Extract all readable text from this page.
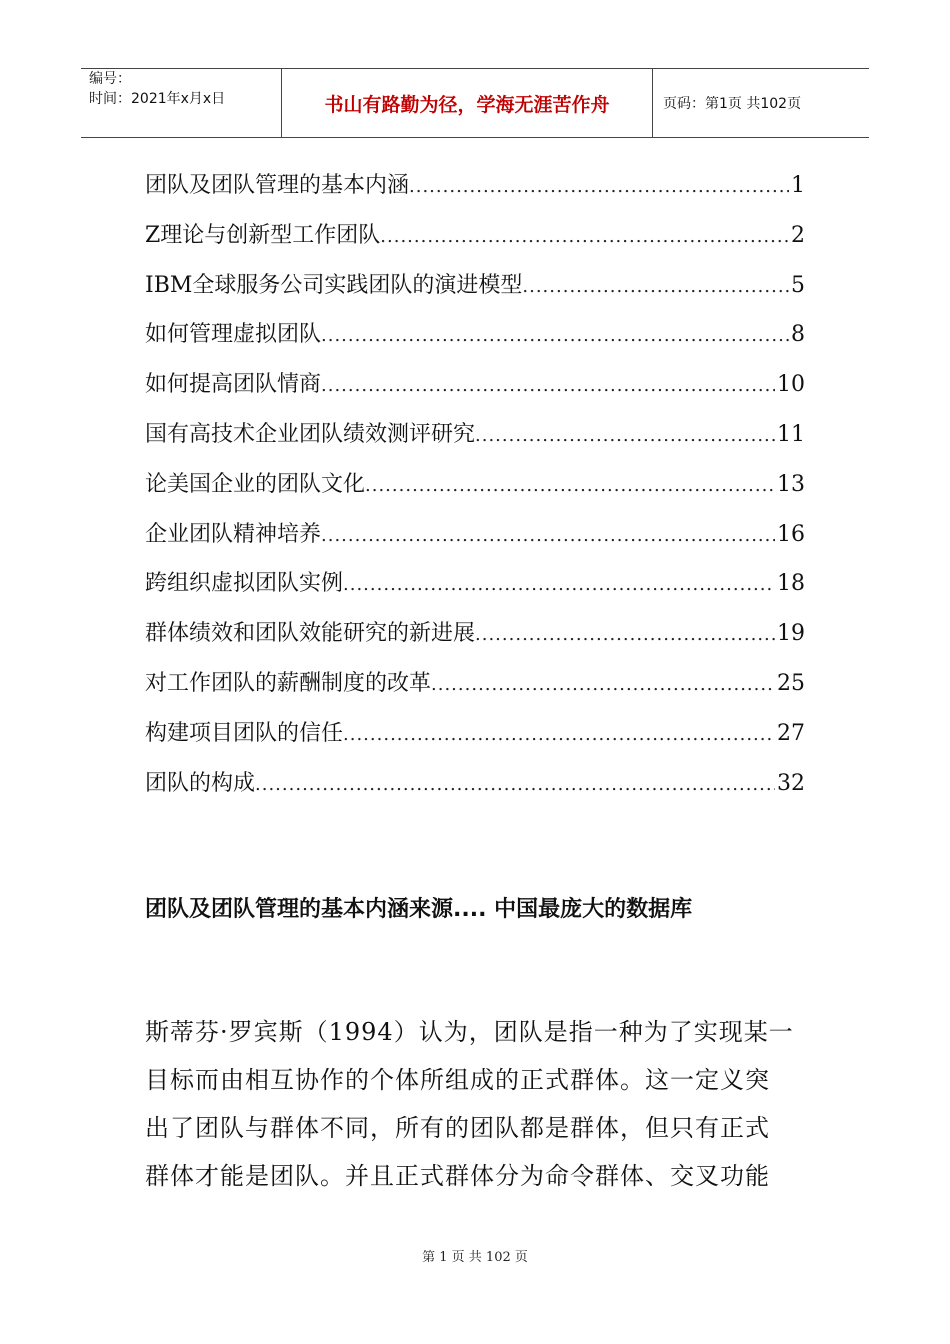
编号：
时间：2021年x月x日	书山有路勤为径，学海无涯苦作舟	页码：第1页 共102页
团队及团队管理的基本内涵 .....	1
Z理论与创新型工作团队 .....	2
IBM全球服务公司实践团队的演进模型 .....	5
如何管理虚拟团队 .....	8
如何提高团队情商 .....	10
国有高技术企业团队绩效测评研究 .....	11
论美国企业的团队文化 .....	13
企业团队精神培养 .....	16
跨组织虚拟团队实例 .....	18
群体绩效和团队效能研究的新进展 .....	19
对工作团队的薪酬制度的改革 .....	25
构建项目团队的信任 .....	27
团队的构成 .....	32
团队及团队管理的基本内涵来源.... 中国最庞大的数据库
斯蒂芬·罗宾斯（1994）认为，团队是指一种为了实现某一
目标而由相互协作的个体所组成的正式群体。这一定义突
出了团队与群体不同，所有的团队都是群体，但只有正式
群体才能是团队。并且正式群体分为命令群体、交叉功能
第 1 页 共 102 页
